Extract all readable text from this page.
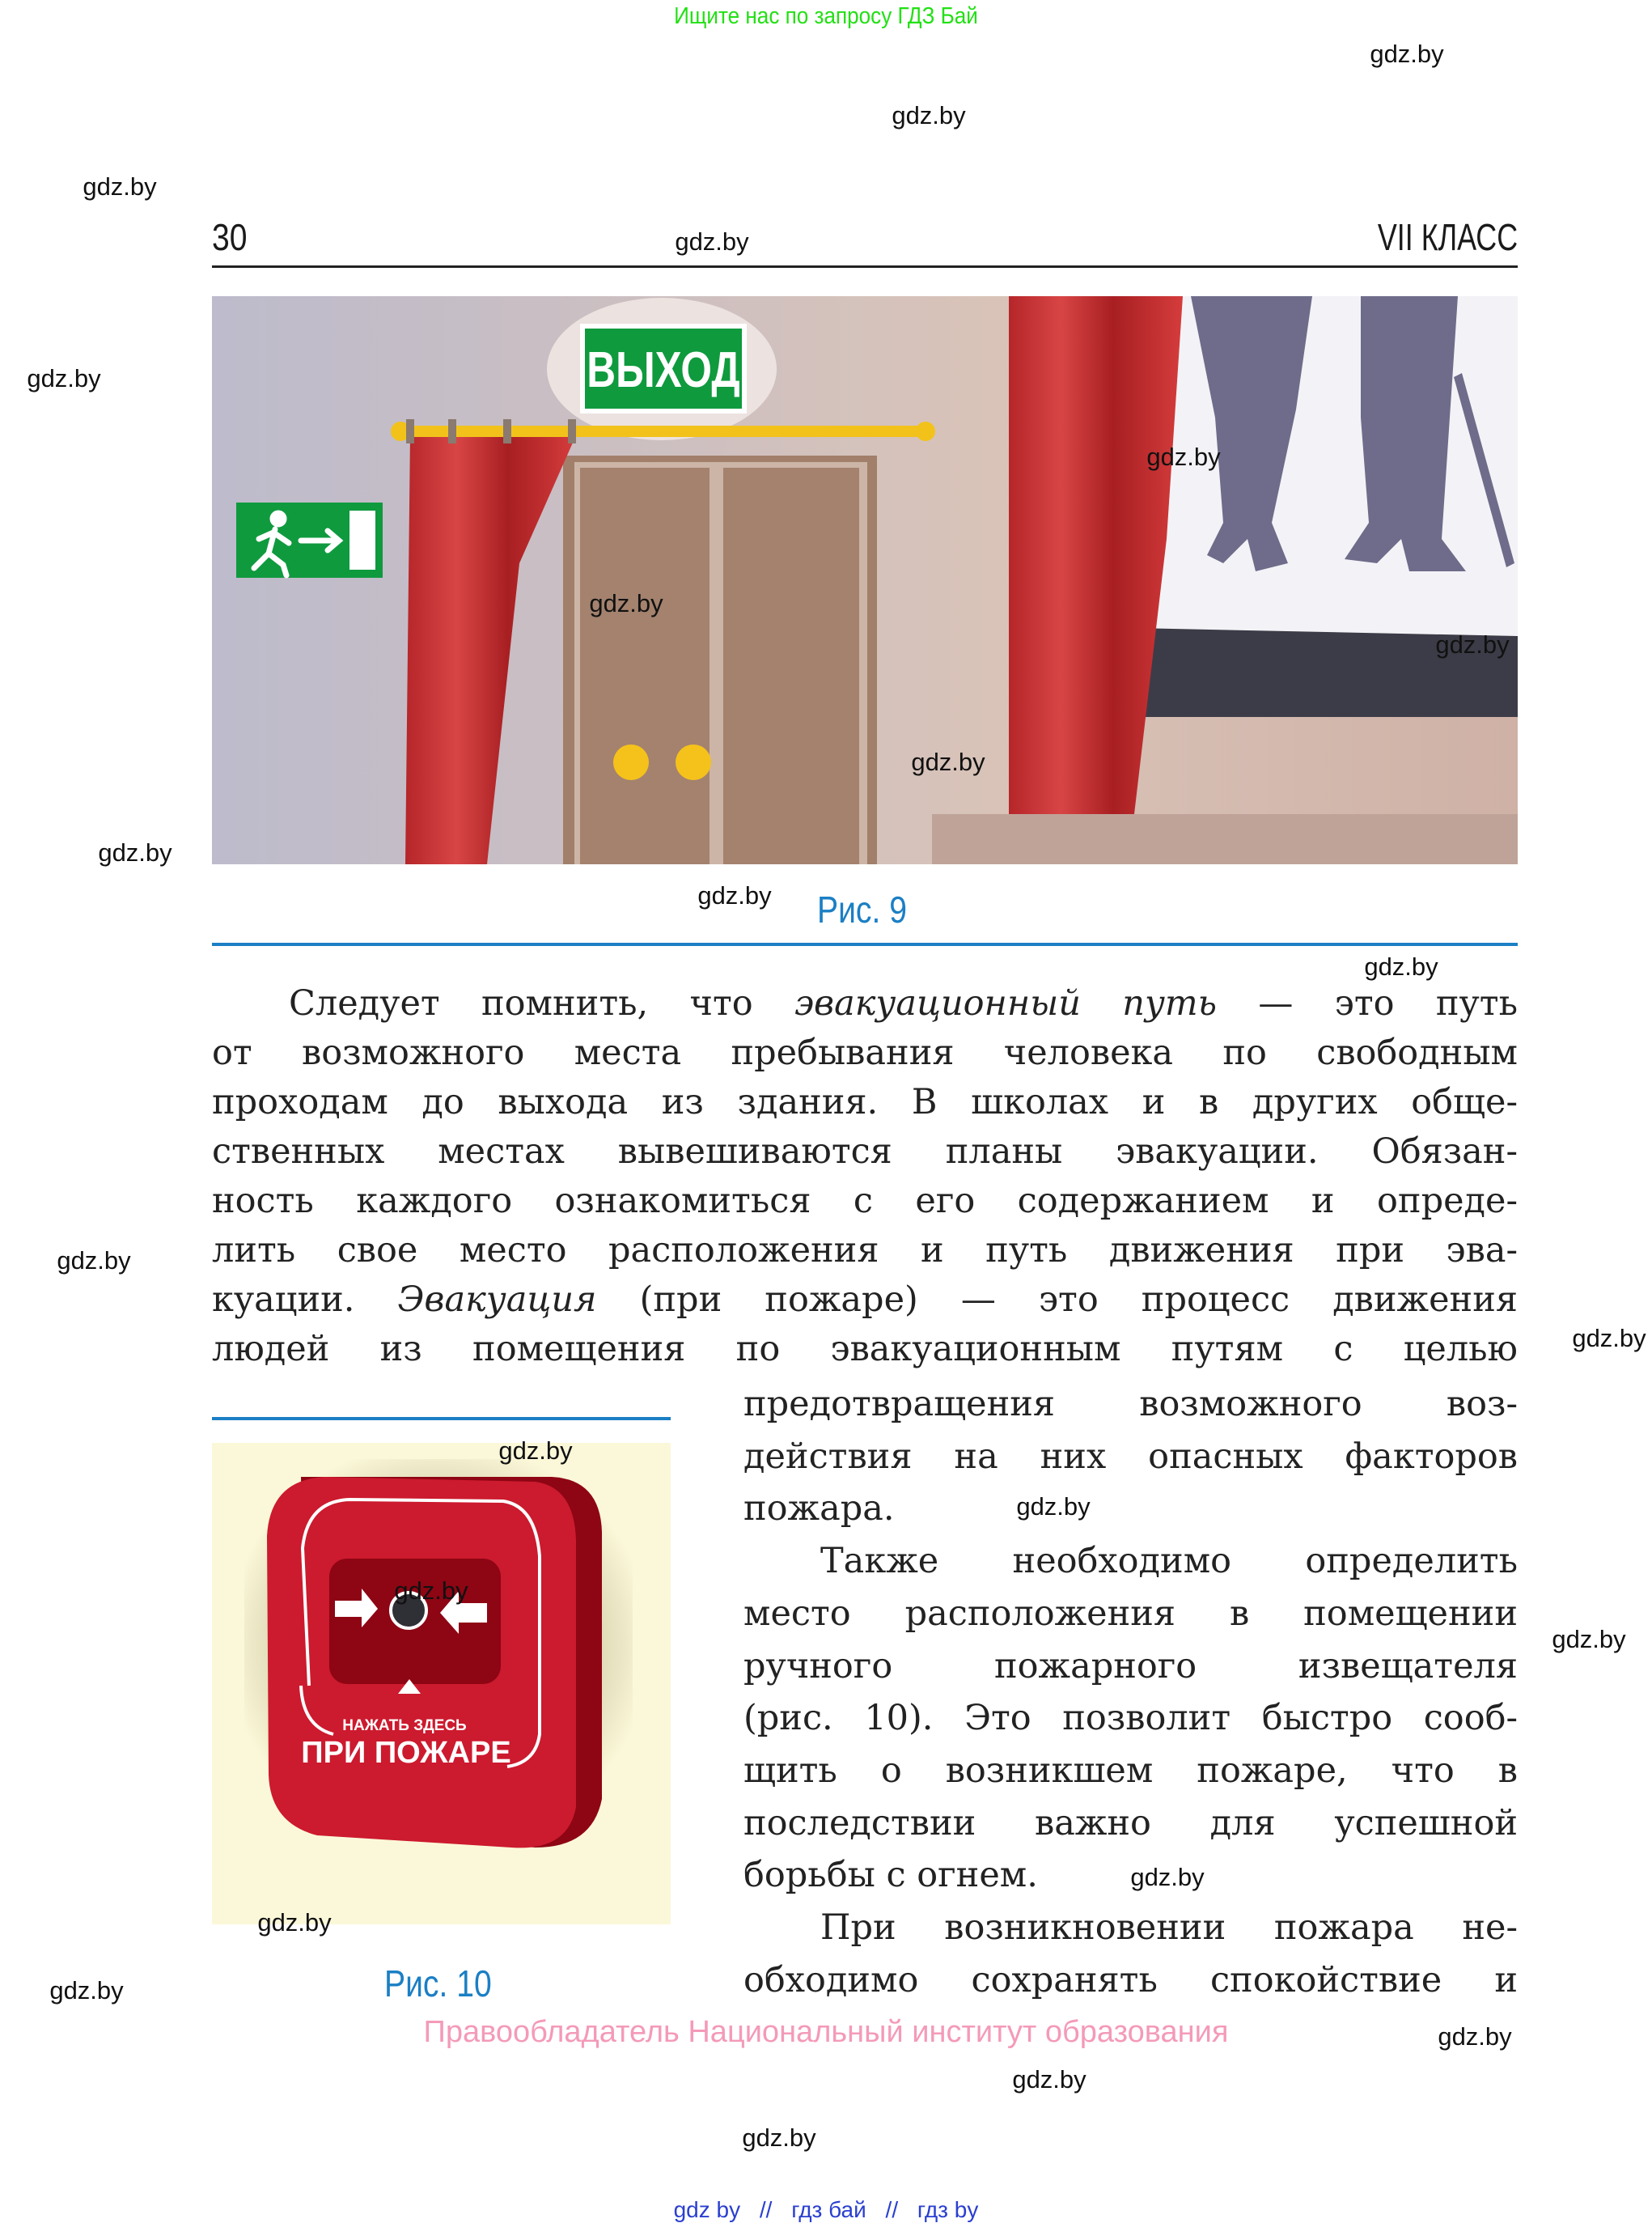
Ищите нас по запросу ГДЗ Бай
30	VII КЛАСС
ВЫХОД
Рис. 9
Следует помнить, что эвакуационный путь — это путь
от возможного места пребывания человека по свободным
проходам до выхода из здания. В школах и в других обще-
ственных местах вывешиваются планы эвакуации. Обязан-
ность каждого ознакомиться с его содержанием и опреде-
лить свое место расположения и путь движения при эва-
куации. Эвакуация (при пожаре) — это процесс движения
людей из помещения по эвакуационным путям с целью
предотвращения возможного воз-
действия на них опасных факторов
пожара.
Также необходимо определить
место расположения в помещении
ручного пожарного извещателя
(рис. 10). Это позволит быстро сооб-
щить о возникшем пожаре, что в
последствии важно для успешной
борьбы с огнем.
При возникновении пожара не-
обходимо сохранять спокойствие и
НАЖАТЬ ЗДЕСЬ
ПРИ ПОЖАРЕ
Рис. 10
Правообладатель Национальный институт образования
gdz by // гдз бай // гдз by
gdz.by
gdz.by
gdz.by
gdz.by
gdz.by
gdz.by
gdz.by
gdz.by
gdz.by
gdz.by
gdz.by
gdz.by
gdz.by
gdz.by
gdz.by
gdz.by
gdz.by
gdz.by
gdz.by
gdz.by
gdz.by
gdz.by
gdz.by
gdz.by
